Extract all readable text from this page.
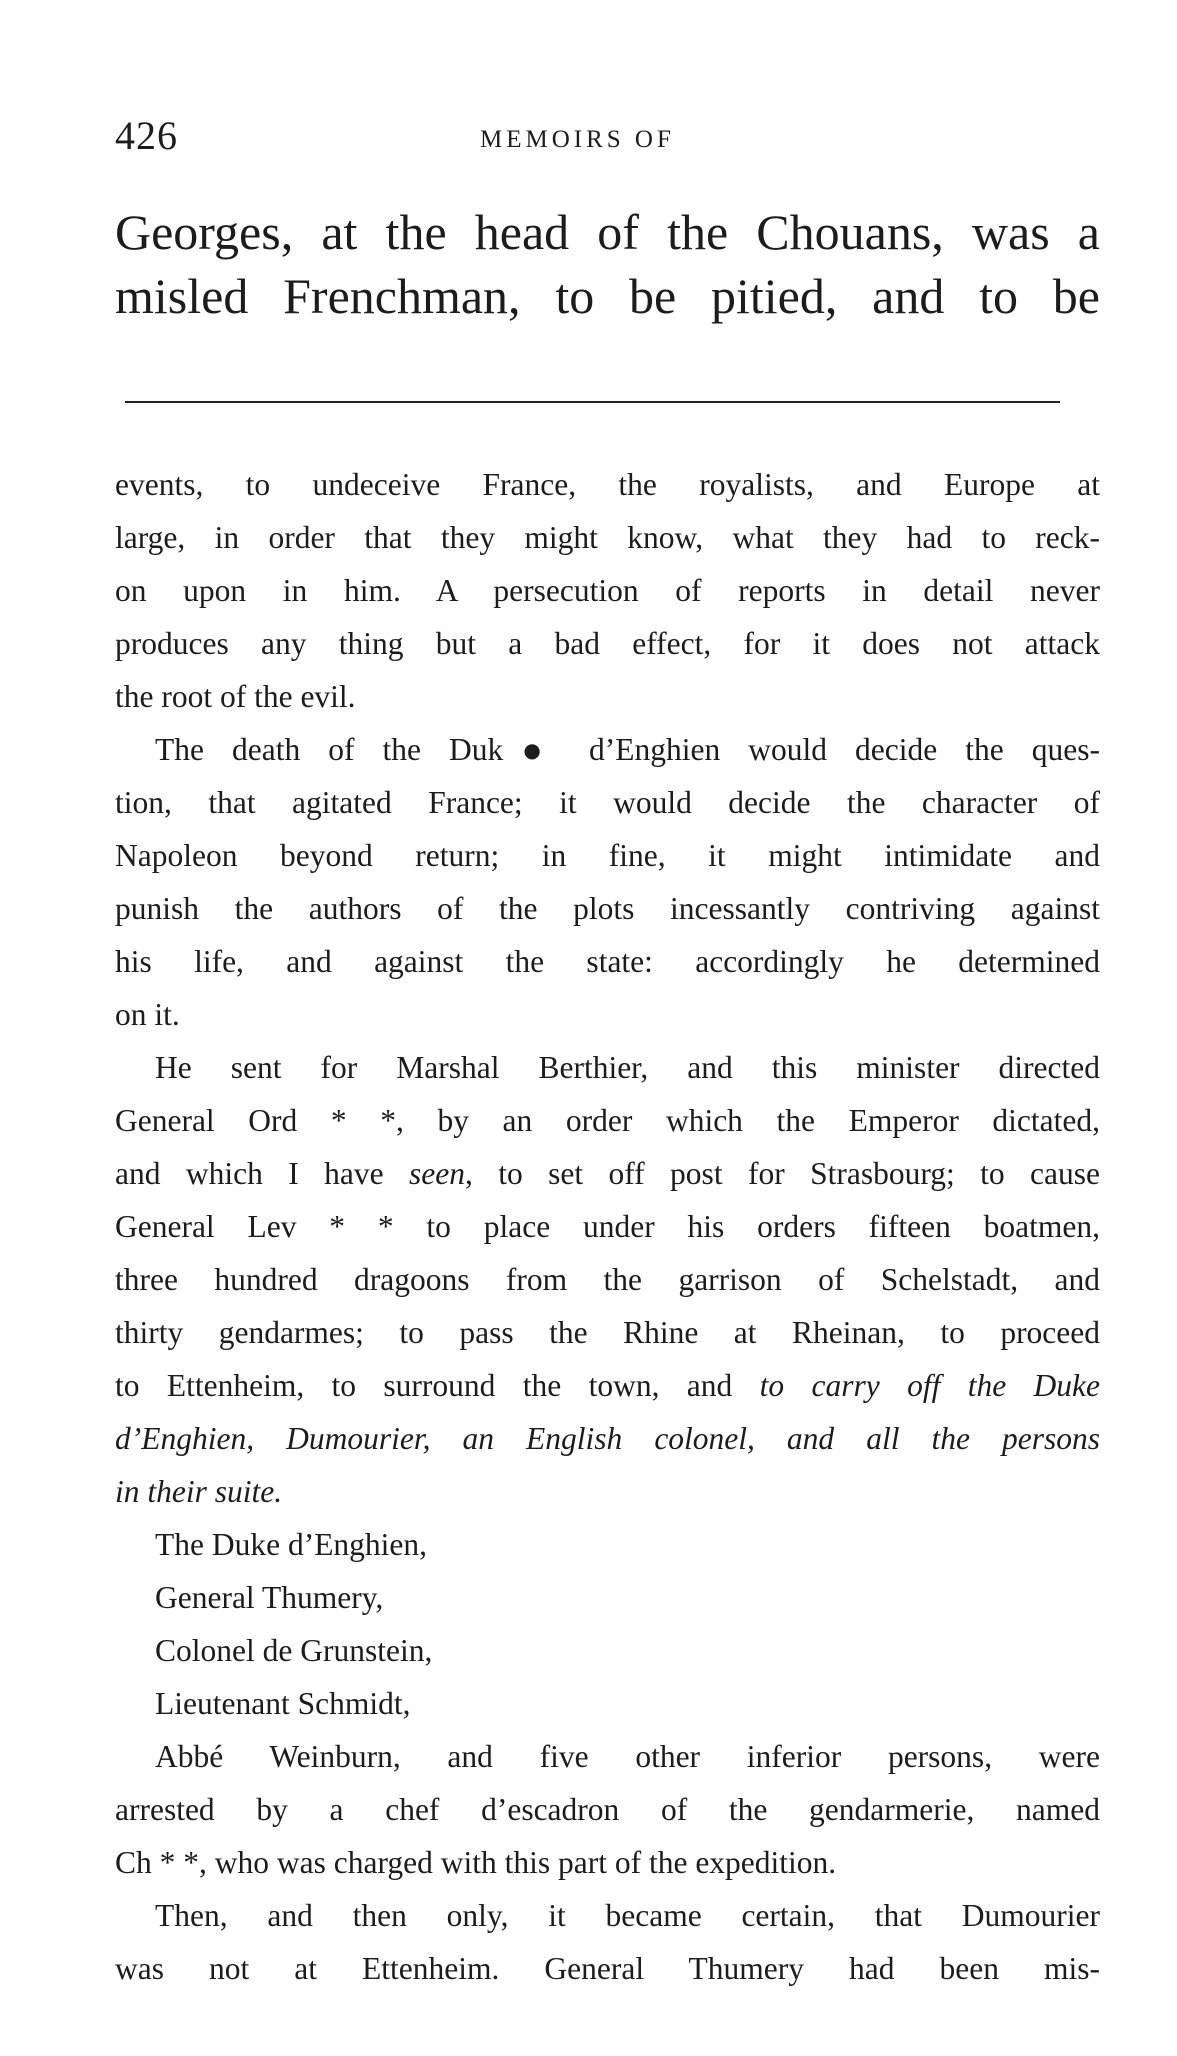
426	MEMOIRS OF
Georges, at the head of the Chouans, was a
misled Frenchman, to be pitied, and to be
events, to undeceive France, the royalists, and Europe at
large, in order that they might know, what they had to reck-
on upon in him. A persecution of reports in detail never
produces any thing but a bad effect, for it does not attack
the root of the evil.
The death of the Duk● d’Enghien would decide the ques-
tion, that agitated France; it would decide the character of
Napoleon beyond return; in fine, it might intimidate and
punish the authors of the plots incessantly contriving against
his life, and against the state: accordingly he determined
on it.
He sent for Marshal Berthier, and this minister directed
General Ord * *, by an order which the Emperor dictated,
and which I have seen, to set off post for Strasbourg; to cause
General Lev * * to place under his orders fifteen boatmen,
three hundred dragoons from the garrison of Schelstadt, and
thirty gendarmes; to pass the Rhine at Rheinan, to proceed
to Ettenheim, to surround the town, and to carry off the Duke
d’Enghien, Dumourier, an English colonel, and all the persons
in their suite.
The Duke d’Enghien,
General Thumery,
Colonel de Grunstein,
Lieutenant Schmidt,
Abbé Weinburn, and five other inferior persons, were
arrested by a chef d’escadron of the gendarmerie, named
Ch * *, who was charged with this part of the expedition.
Then, and then only, it became certain, that Dumourier
was not at Ettenheim. General Thumery had been mis-
